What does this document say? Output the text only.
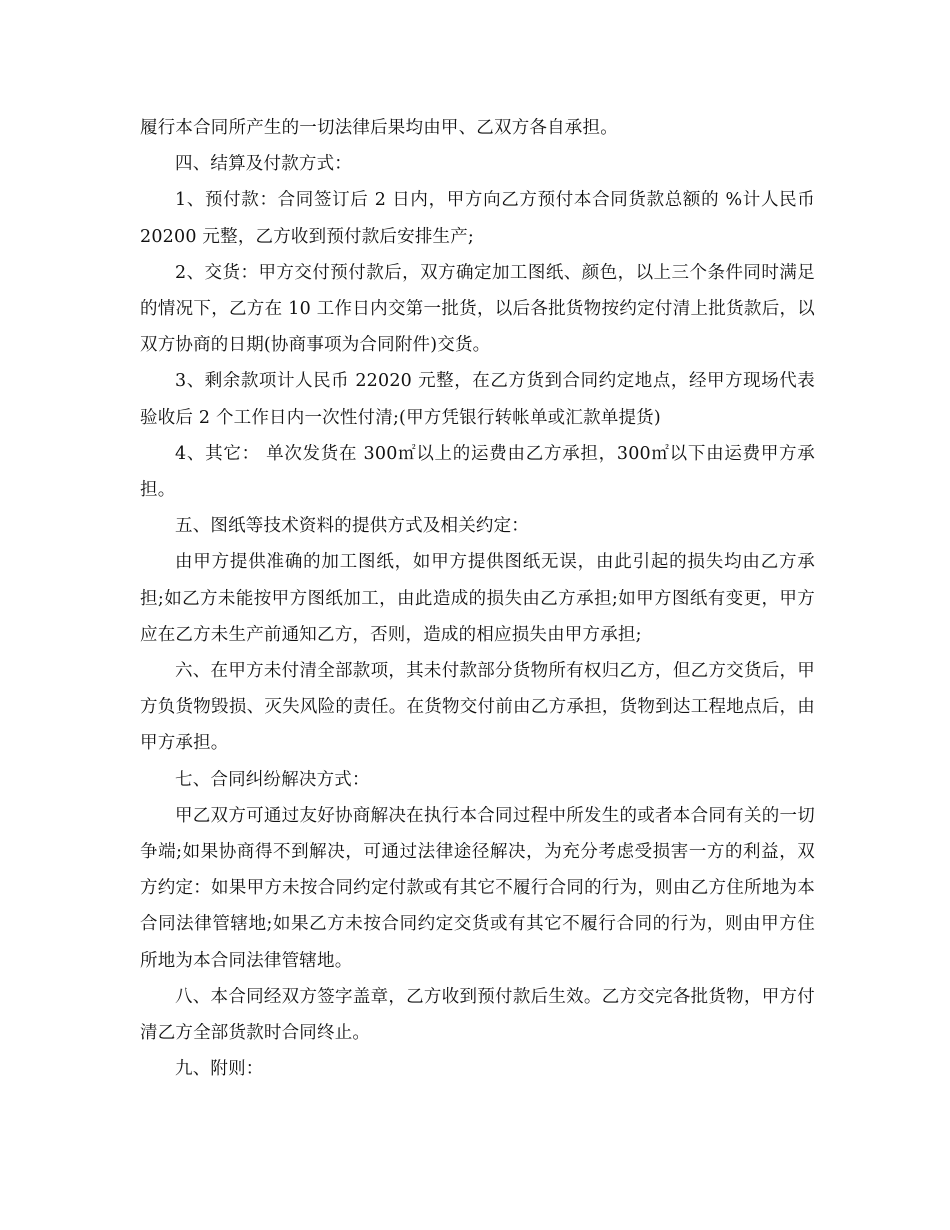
履行本合同所产生的一切法律后果均由甲、乙双方各自承担。

四、结算及付款方式：

1、预付款：合同签订后 2 日内，甲方向乙方预付本合同货款总额的 %计人民币 20200 元整，乙方收到预付款后安排生产;

2、交货：甲方交付预付款后，双方确定加工图纸、颜色，以上三个条件同时满足的情况下，乙方在 10 工作日内交第一批货，以后各批货物按约定付清上批货款后，以双方协商的日期(协商事项为合同附件)交货。

3、剩余款项计人民币 22020 元整，在乙方货到合同约定地点，经甲方现场代表验收后 2 个工作日内一次性付清;(甲方凭银行转帐单或汇款单提货)

4、其它： 单次发货在 300㎡以上的运费由乙方承担，300㎡以下由运费甲方承担。

五、图纸等技术资料的提供方式及相关约定：

由甲方提供准确的加工图纸，如甲方提供图纸无误，由此引起的损失均由乙方承担;如乙方未能按甲方图纸加工，由此造成的损失由乙方承担;如甲方图纸有变更，甲方应在乙方未生产前通知乙方，否则，造成的相应损失由甲方承担;

六、在甲方未付清全部款项，其未付款部分货物所有权归乙方，但乙方交货后，甲方负货物毁损、灭失风险的责任。在货物交付前由乙方承担，货物到达工程地点后，由甲方承担。

七、合同纠纷解决方式：

甲乙双方可通过友好协商解决在执行本合同过程中所发生的或者本合同有关的一切争端;如果协商得不到解决，可通过法律途径解决，为充分考虑受损害一方的利益，双方约定：如果甲方未按合同约定付款或有其它不履行合同的行为，则由乙方住所地为本合同法律管辖地;如果乙方未按合同约定交货或有其它不履行合同的行为，则由甲方住所地为本合同法律管辖地。

八、本合同经双方签字盖章，乙方收到预付款后生效。乙方交完各批货物，甲方付清乙方全部货款时合同终止。

九、附则：
